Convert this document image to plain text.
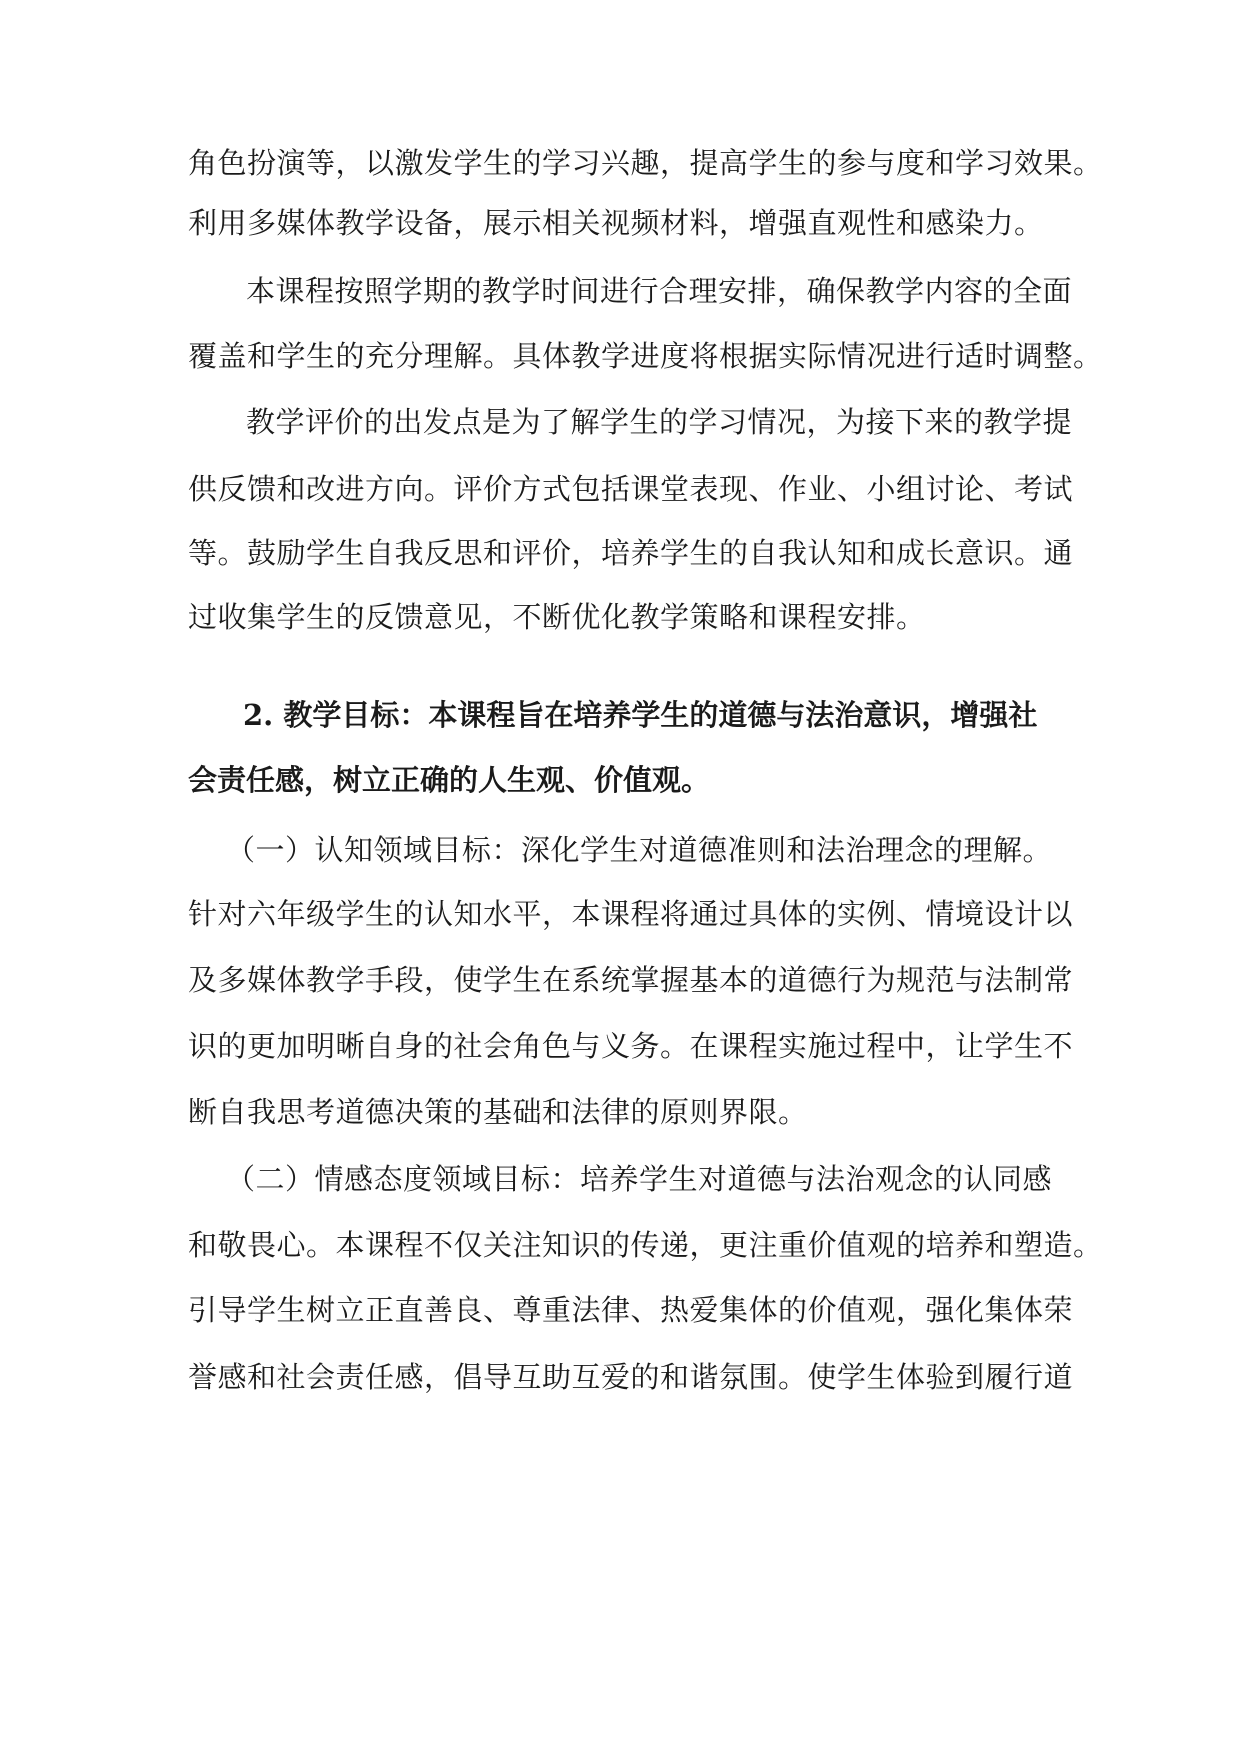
角色扮演等，以激发学生的学习兴趣，提高学生的参与度和学习效果。
利用多媒体教学设备，展示相关视频材料，增强直观性和感染力。
本课程按照学期的教学时间进行合理安排，确保教学内容的全面
覆盖和学生的充分理解。具体教学进度将根据实际情况进行适时调整。
教学评价的出发点是为了解学生的学习情况，为接下来的教学提
供反馈和改进方向。评价方式包括课堂表现、作业、小组讨论、考试
等。鼓励学生自我反思和评价，培养学生的自我认知和成长意识。通
过收集学生的反馈意见，不断优化教学策略和课程安排。
2. 教学目标：本课程旨在培养学生的道德与法治意识，增强社
会责任感，树立正确的人生观、价值观。
（一）认知领域目标：深化学生对道德准则和法治理念的理解。
针对六年级学生的认知水平，本课程将通过具体的实例、情境设计以
及多媒体教学手段，使学生在系统掌握基本的道德行为规范与法制常
识的更加明晰自身的社会角色与义务。在课程实施过程中，让学生不
断自我思考道德决策的基础和法律的原则界限。
（二）情感态度领域目标：培养学生对道德与法治观念的认同感
和敬畏心。本课程不仅关注知识的传递，更注重价值观的培养和塑造。
引导学生树立正直善良、尊重法律、热爱集体的价值观，强化集体荣
誉感和社会责任感，倡导互助互爱的和谐氛围。使学生体验到履行道
